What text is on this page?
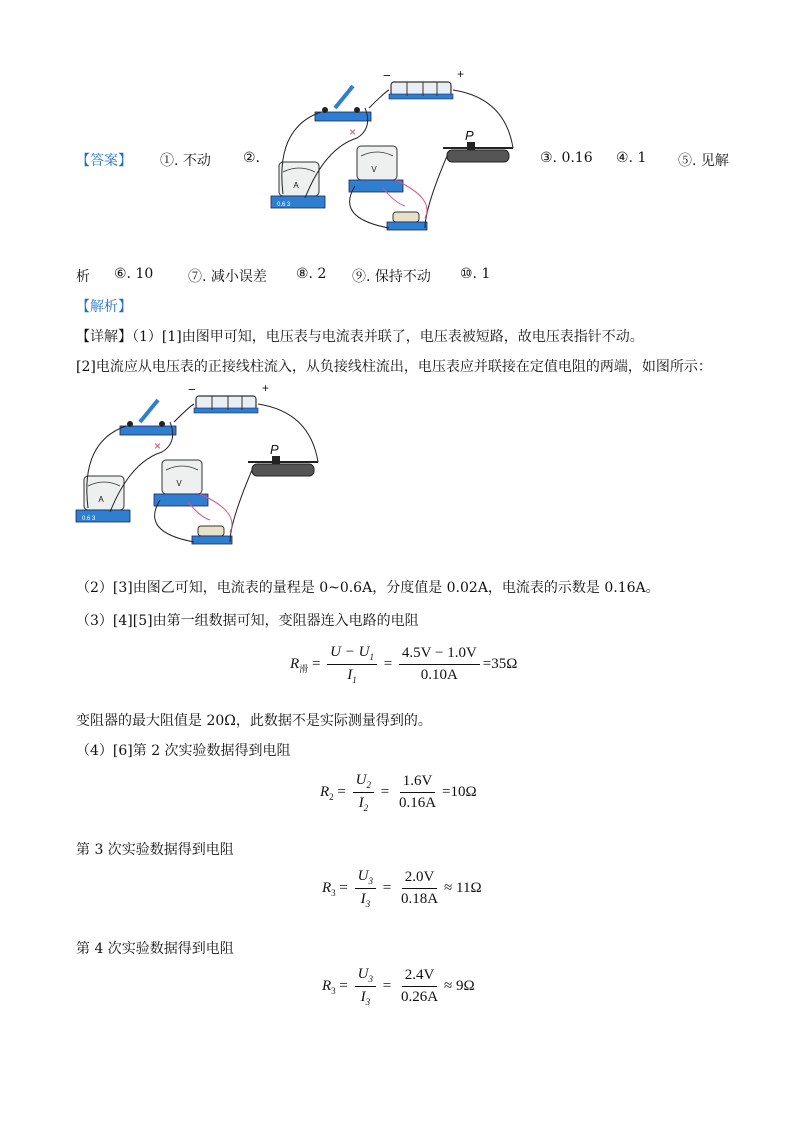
【答案】 ①. 不动 ②.	③. 0.16 ④. 1 ⑤. 见解
−	+
A
0.6 3
V
P
×
析 ⑥. 10 ⑦. 减小误差 ⑧. 2 ⑨. 保持不动 ⑩. 1
【解析】
【详解】（1）[1]由图甲可知，电压表与电流表并联了，电压表被短路，故电压表指针不动。
[2]电流应从电压表的正接线柱流入，从负接线柱流出，电压表应并联接在定值电阻的两端，如图所示：
−	+
A
0.6 3
V
P
×
（2）[3]由图乙可知，电流表的量程是 0~0.6A，分度值是 0.02A，电流表的示数是 0.16A。
（3）[4][5]由第一组数据可知，变阻器连入电路的电阻
$R_滑 = \frac{U - U_1}{I_1} = \frac{4.5V - 1.0V}{0.10A} =35\Omega$
变阻器的最大阻值是 20Ω，此数据不是实际测量得到的。
（4）[6]第 2 次实验数据得到电阻
$R_2 = \frac{U_2}{I_2} = \frac{1.6V}{0.16A} =10\Omega$
第 3 次实验数据得到电阻
$R_3 = \frac{U_3}{I_3} = \frac{2.0V}{0.18A} \approx 11\Omega$
第 4 次实验数据得到电阻
$R_3 = \frac{U_3}{I_3} = \frac{2.4V}{0.26A} \approx 9\Omega$
